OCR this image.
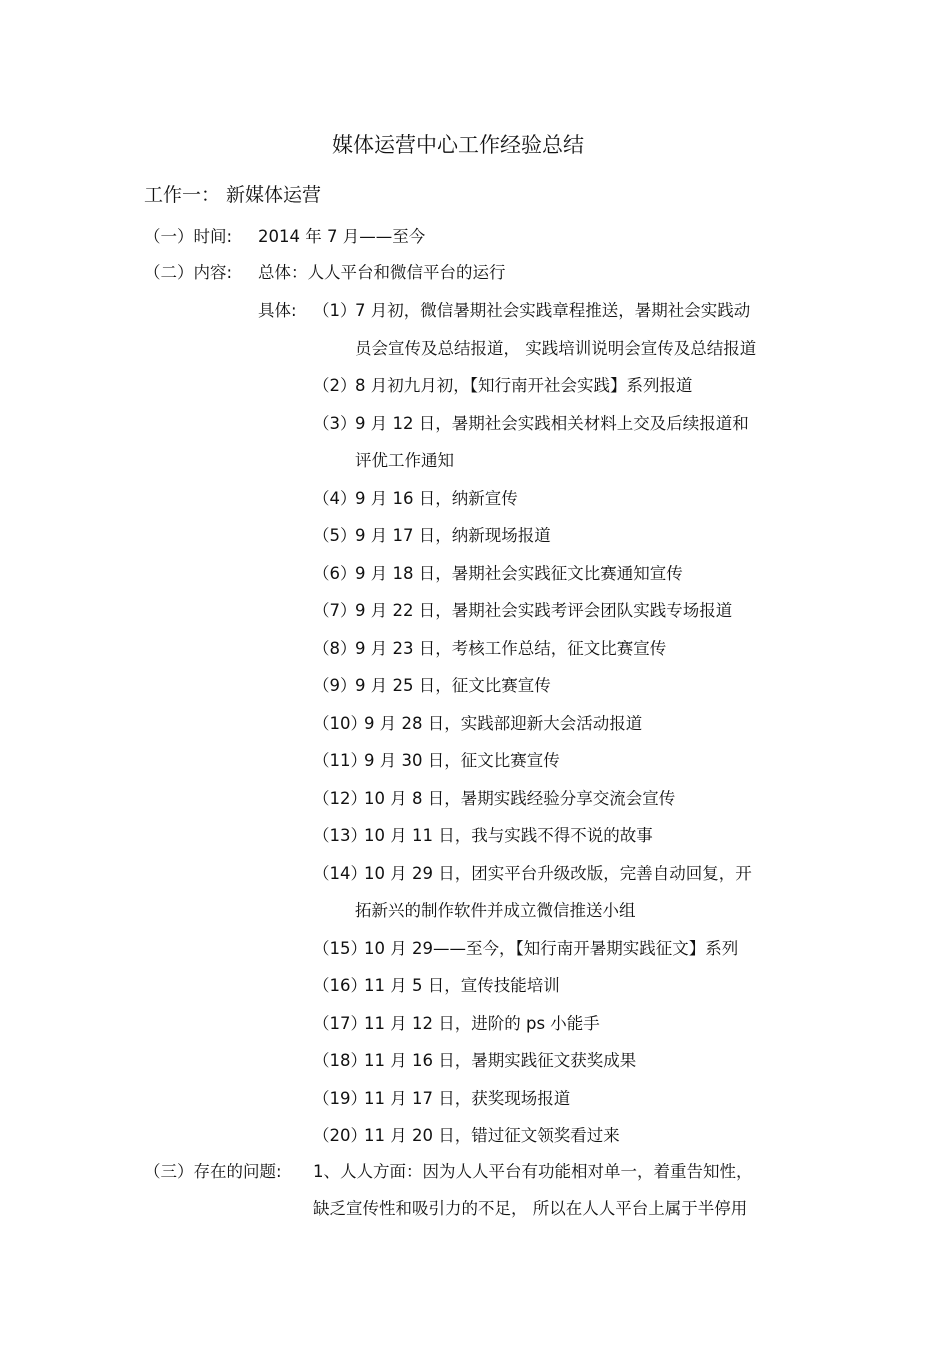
媒体运营中心工作经验总结
工作一： 新媒体运营
（一）时间: 2014 年 7 月——至今
（二）内容: 总体：人人平台和微信平台的运行
具体: （1）
7 月初，微信暑期社会实践章程推送，暑期社会实践动
员会宣传及总结报道， 实践培训说明会宣传及总结报道
（2）
8 月初九月初，【知行南开社会实践】系列报道
（3）
9 月 12 日，暑期社会实践相关材料上交及后续报道和
评优工作通知
（4）
9 月 16 日，纳新宣传
（5）
9 月 17 日，纳新现场报道
（6）
9 月 18 日，暑期社会实践征文比赛通知宣传
（7）
9 月 22 日，暑期社会实践考评会团队实践专场报道
（8）
9 月 23 日，考核工作总结，征文比赛宣传
（9）
9 月 25 日，征文比赛宣传
（10）
9 月 28 日，实践部迎新大会活动报道
（11）
9 月 30 日，征文比赛宣传
（12）
10 月 8 日，暑期实践经验分享交流会宣传
（13）
10 月 11 日，我与实践不得不说的故事
（14）
10 月 29 日，团实平台升级改版，完善自动回复，开
拓新兴的制作软件并成立微信推送小组
（15）
10 月 29——至今，【知行南开暑期实践征文】系列
（16）
11 月 5 日，宣传技能培训
（17）
11 月 12 日，进阶的 ps 小能手
（18）
11 月 16 日，暑期实践征文获奖成果
（19）
11 月 17 日，获奖现场报道
（20）
11 月 20 日，错过征文领奖看过来
（三）存在的问题: 1、人人方面：因为人人平台有功能相对单一，着重告知性，
缺乏宣传性和吸引力的不足， 所以在人人平台上属于半停用
